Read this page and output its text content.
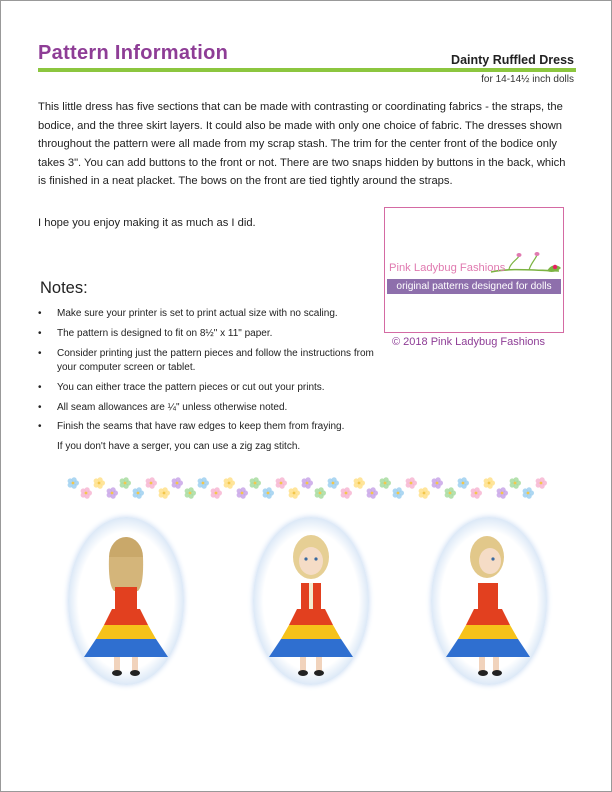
Pattern Information	Dainty Ruffled Dress
for 14-14½ inch dolls

This little dress has five sections that can be made with contrasting or coordinating fabrics - the straps, the bodice, and the three skirt layers. It could also be made with only one choice of fabric. The dresses shown throughout the pattern were all made from my scrap stash. The trim for the center front of the bodice only takes 3". You can add buttons to the front or not. There are two snaps hidden by buttons in the back, which is finished in a neat placket. The bows on the front are tied tightly around the straps.

I hope you enjoy making it as much as I did.

Pink Ladybug Fashions
original patterns designed for dolls
© 2018 Pink Ladybug Fashions
Notes:
• Make sure your printer is set to print actual size with no scaling.
• The pattern is designed to fit on 8½" x 11" paper.
• Consider printing just the pattern pieces and follow the instructions from your computer screen or tablet.
• You can either trace the pattern pieces or cut out your prints.
• All seam allowances are ¼" unless otherwise noted.
• Finish the seams that have raw edges to keep them from fraying.
If you don't have a serger, you can use a zig zag stitch.
